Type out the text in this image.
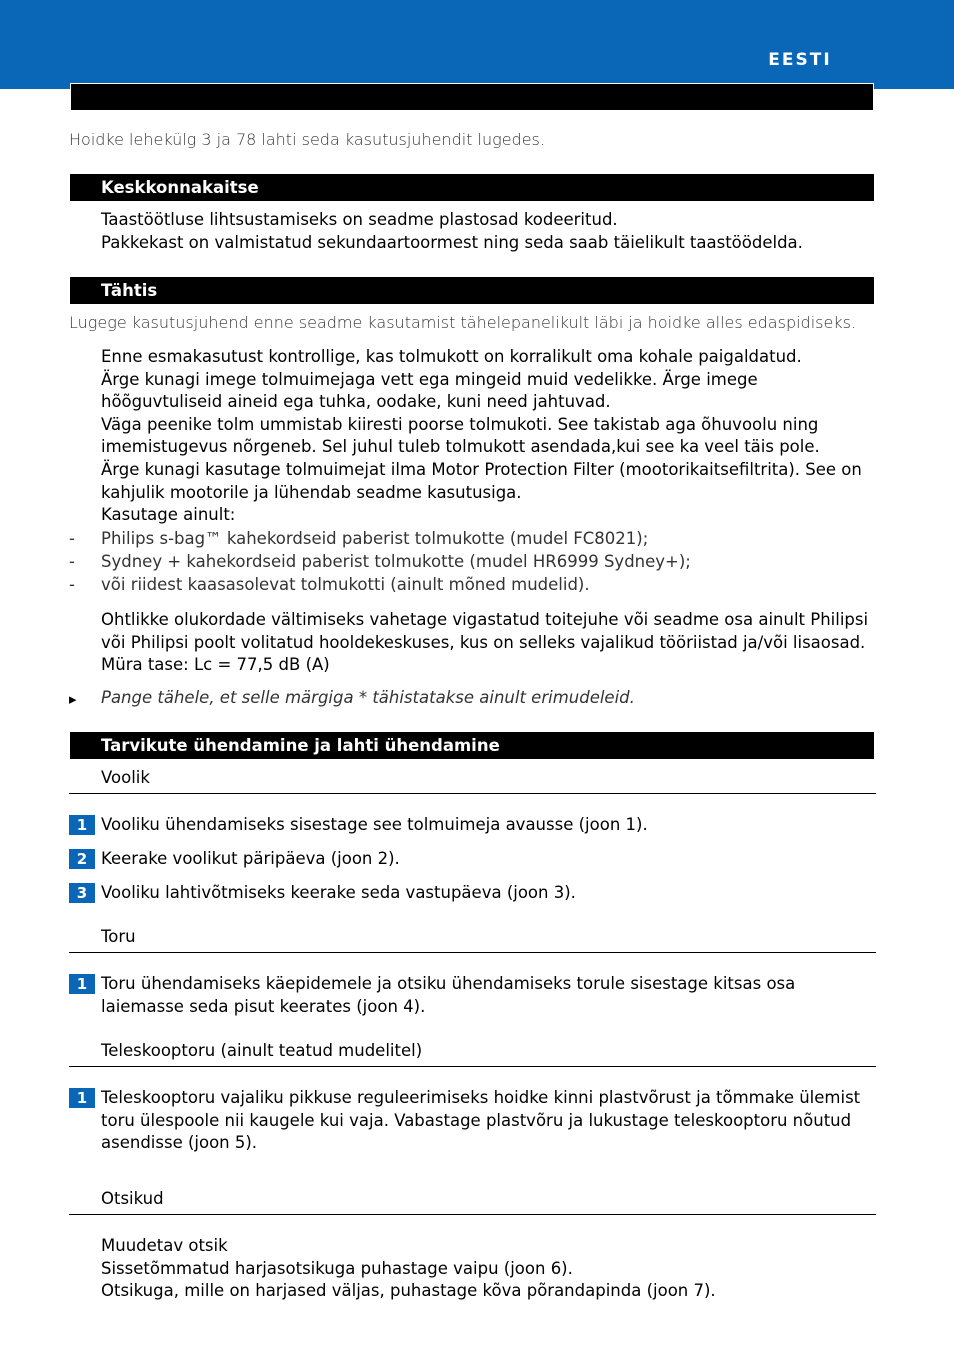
EESTI
Hoidke lehekülg 3 ja 78 lahti seda kasutusjuhendit lugedes.
Keskkonnakaitse

Taastöötluse lihtsustamiseks on seadme plastosad kodeeritud.

Pakkekast on valmistatud sekundaartoormest ning seda saab täielikult taastöödelda.

Tähtis
Lugege kasutusjuhend enne seadme kasutamist tähelepanelikult läbi ja hoidke alles edaspidiseks.

Enne esmakasutust kontrollige, kas tolmukott on korralikult oma kohale paigaldatud.

Ärge kunagi imege tolmuimejaga vett ega mingeid muid vedelikke. Ärge imege hõõguvtuliseid aineid ega tuhka, oodake, kuni need jahtuvad.

Väga peenike tolm ummistab kiiresti poorse tolmukoti. See takistab aga õhuvoolu ning imemistugevus nõrgeneb. Sel juhul tuleb tolmukott asendada,kui see ka veel täis pole.

Ärge kunagi kasutage tolmuimejat ilma Motor Protection Filter (mootorikaitsefiltrita). See on kahjulik mootorile ja lühendab seadme kasutusiga.

Kasutage ainult:

- Philips s-bag™ kahekordseid paberist tolmukotte (mudel FC8021);
- Sydney + kahekordseid paberist tolmukotte (mudel HR6999 Sydney+);
- või riidest kaasasolevat tolmukotti (ainult mõned mudelid).

Ohtlikke olukordade vältimiseks vahetage vigastatud toitejuhe või seadme osa ainult Philipsi või Philipsi poolt volitatud hooldekeskuses, kus on selleks vajalikud tööriistad ja/või lisaosad.

Müra tase: Lc = 77,5 dB (A)

▸ Pange tähele, et selle märgiga * tähistatakse ainult erimudeleid.
Tarvikute ühendamine ja lahti ühendamine
Voolik
1 Vooliku ühendamiseks sisestage see tolmuimeja avausse (joon 1).
2 Keerake voolikut päripäeva (joon 2).
3 Vooliku lahtivõtmiseks keerake seda vastupäeva (joon 3).
Toru
1 Toru ühendamiseks käepidemele ja otsiku ühendamiseks torule sisestage kitsas osa laiemasse seda pisut keerates (joon 4).
Teleskooptoru (ainult teatud mudelitel)
1 Teleskooptoru vajaliku pikkuse reguleerimiseks hoidke kinni plastvõrust ja tõmmake ülemist toru ülespoole nii kaugele kui vaja. Vabastage plastvõru ja lukustage teleskooptoru nõutud asendisse (joon 5).
Otsikud

Muudetav otsik

Sissetõmmatud harjasotsikuga puhastage vaipu (joon 6).

Otsikuga, mille on harjased väljas, puhastage kõva põrandapinda (joon 7).
